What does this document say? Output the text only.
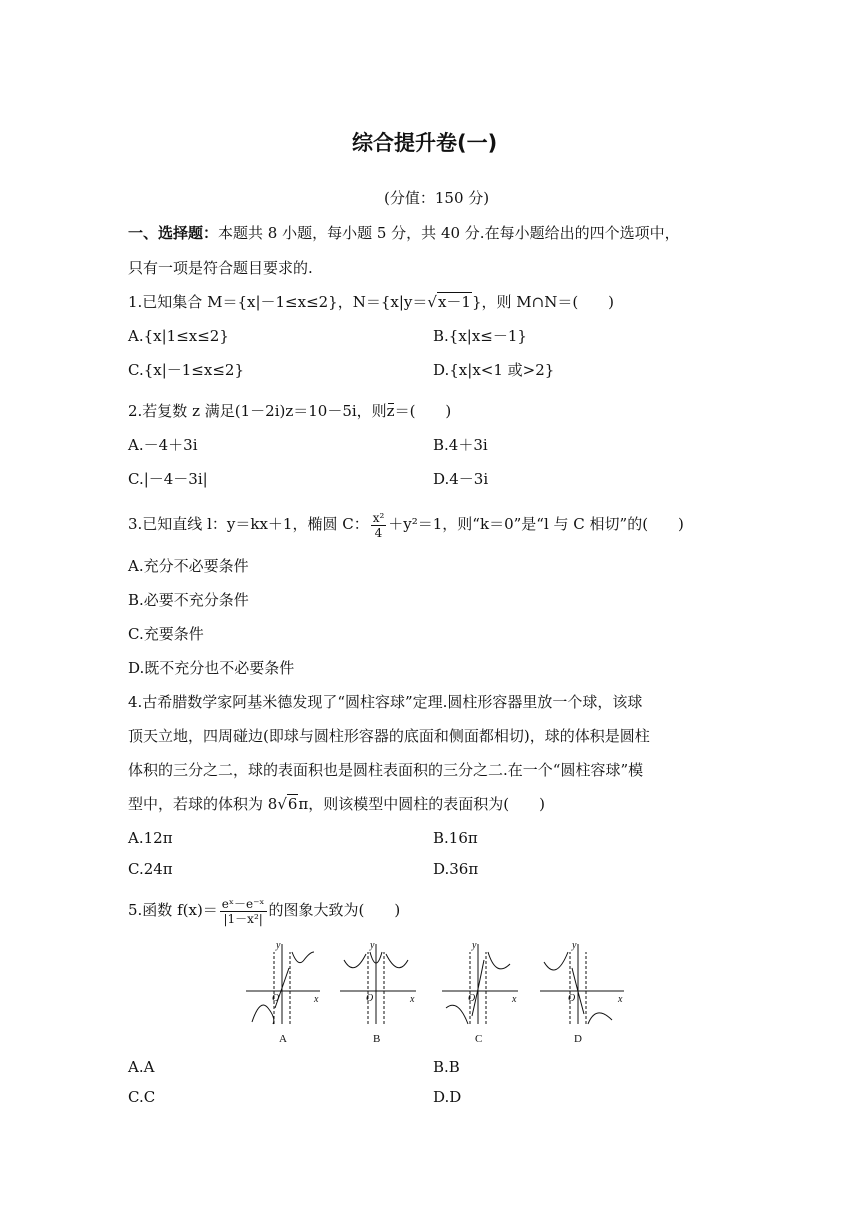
综合提升卷(一)
(分值：150 分)
一、选择题：本题共 8 小题，每小题 5 分，共 40 分.在每小题给出的四个选项中，
只有一项是符合题目要求的.
1.已知集合 M＝{x|－1≤x≤2}，N＝{x|y＝√x－1}，则 M∩N＝(　　)
A.{x|1≤x≤2}	B.{x|x≤－1}
C.{x|－1≤x≤2}	D.{x|x<1 或>2}
2.若复数 z 满足(1－2i)z＝10－5i，则z＝(　　)
A.－4＋3i	B.4＋3i
C.|－4－3i|	D.4－3i
3.已知直线 l：y＝kx＋1，椭圆 C： $\frac{\text{x²}}{4} +y^2=1$，则“k＝0”是“l 与 C 相切”的(　　)
A.充分不必要条件
B.必要不充分条件
C.充要条件
D.既不充分也不必要条件
4.古希腊数学家阿基米德发现了“圆柱容球”定理.圆柱形容器里放一个球，该球
顶天立地，四周碰边(即球与圆柱形容器的底面和侧面都相切)，球的体积是圆柱
体积的三分之二，球的表面积也是圆柱表面积的三分之二.在一个“圆柱容球”模
型中，若球的体积为 8√6π，则该模型中圆柱的表面积为(　　)
A.12π	B.16π
C.24π	D.36π
5.函数 $f(x)= \frac{\text{eˣ－e⁻ˣ}}{\text{|1－x²|}}$ 的图象大致为(　　)
y
x
O
y
x
O
y
x
O
y
x
O
A	B	C	D
A.A	B.B
C.C	D.D
